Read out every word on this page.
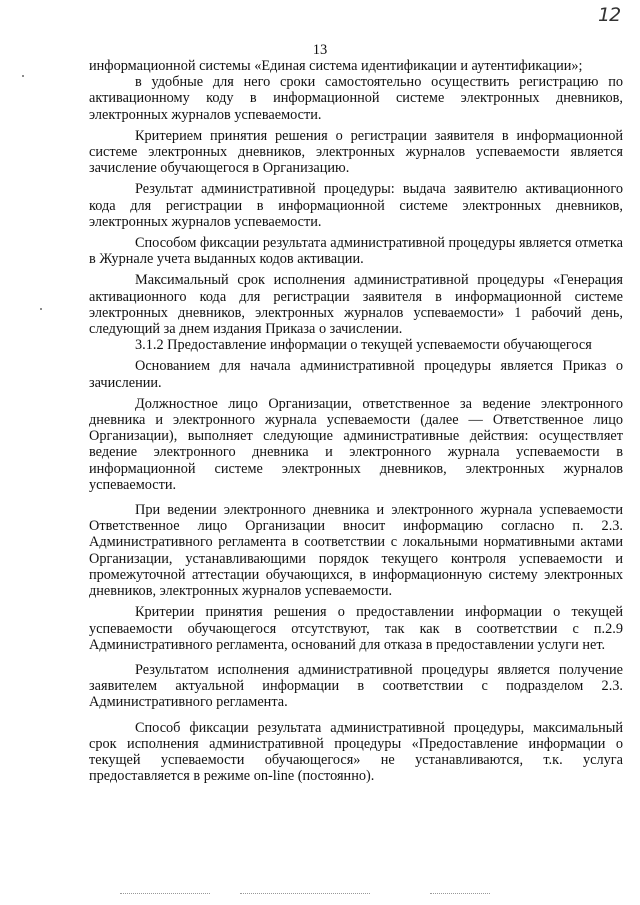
12
13

информационной системы «Единая система идентификации и аутентификации»;

в удобные для него сроки самостоятельно осуществить регистрацию по активационному коду в информационной системе электронных дневников, электронных журналов успеваемости.

Критерием принятия решения о регистрации заявителя в информационной системе электронных дневников, электронных журналов успеваемости является зачисление обучающегося в Организацию.

Результат административной процедуры: выдача заявителю активационного кода для регистрации в информационной системе электронных дневников, электронных журналов успеваемости.

Способом фиксации результата административной процедуры является отметка в Журнале учета выданных кодов активации.

Максимальный срок исполнения административной процедуры «Генерация активационного кода для регистрации заявителя в информационной системе электронных дневников, электронных журналов успеваемости» 1 рабочий день, следующий за днем издания Приказа о зачислении.

3.1.2 Предоставление информации о текущей успеваемости обучающегося

Основанием для начала административной процедуры является Приказ о зачислении.

Должностное лицо Организации, ответственное за ведение электронного дневника и электронного журнала успеваемости (далее — Ответственное лицо Организации), выполняет следующие административные действия: осуществляет ведение электронного дневника и электронного журнала успеваемости в информационной системе электронных дневников, электронных журналов успеваемости.

При ведении электронного дневника и электронного журнала успеваемости Ответственное лицо Организации вносит информацию согласно п. 2.3. Административного регламента в соответствии с локальными нормативными актами Организации, устанавливающими порядок текущего контроля успеваемости и промежуточной аттестации обучающихся, в информационную систему электронных дневников, электронных журналов успеваемости.

Критерии принятия решения о предоставлении информации о текущей успеваемости обучающегося отсутствуют, так как в соответствии с п.2.9 Административного регламента, оснований для отказа в предоставлении услуги нет.

Результатом исполнения административной процедуры является получение заявителем актуальной информации в соответствии с подразделом 2.3. Административного регламента.

Способ фиксации результата административной процедуры, максимальный срок исполнения административной процедуры «Предоставление информации о текущей успеваемости обучающегося» не устанавливаются, т.к. услуга предоставляется в режиме on-line (постоянно).
